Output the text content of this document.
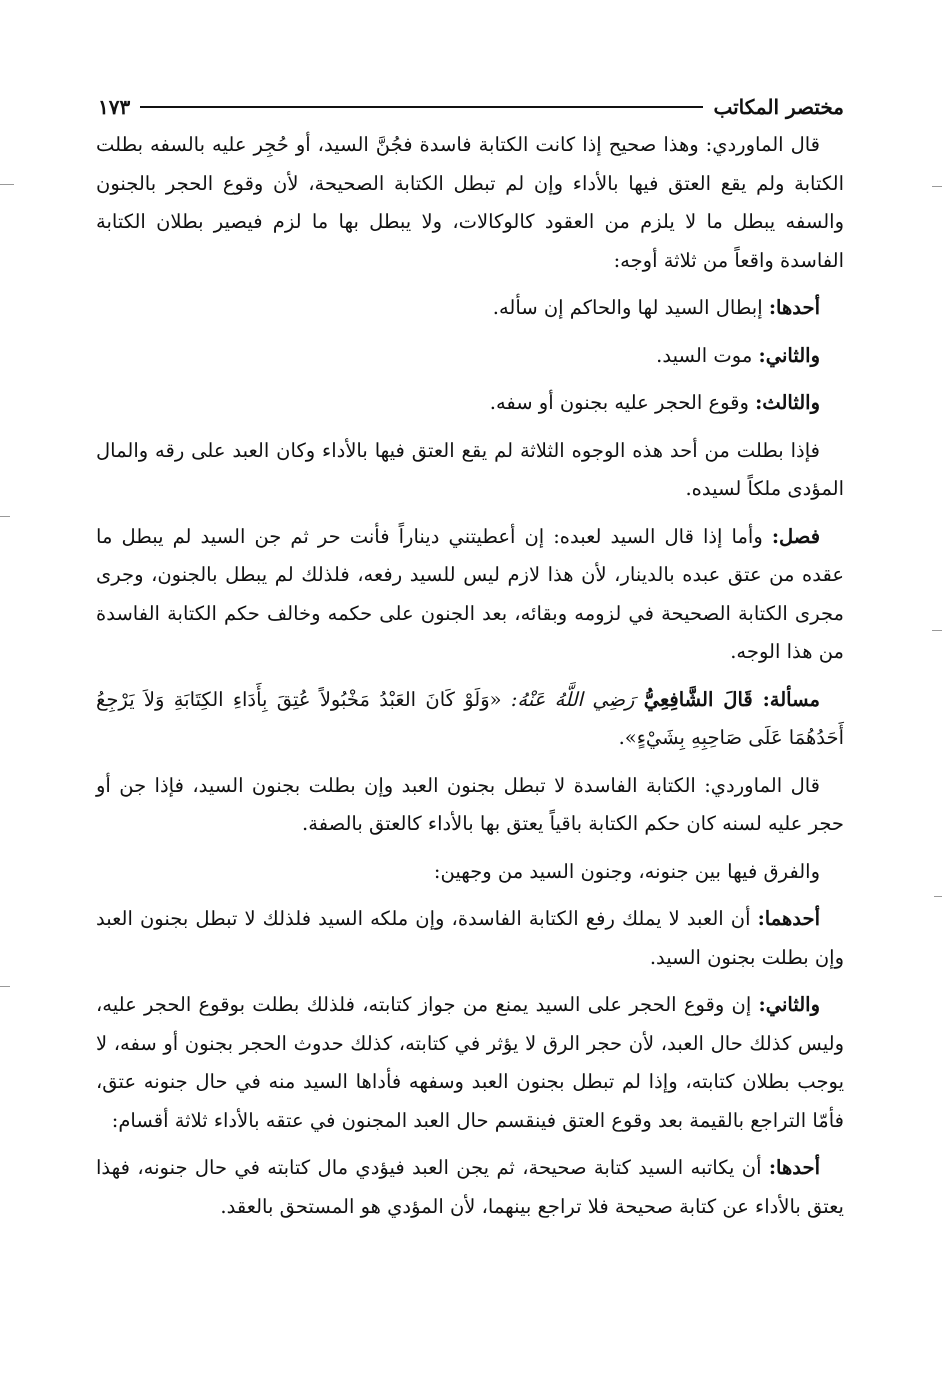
مختصر المكاتب
١٧٣

قال الماوردي: وهذا صحيح إذا كانت الكتابة فاسدة فجُنَّ السيد، أو حُجِر عليه بالسفه بطلت الكتابة ولم يقع العتق فيها بالأداء وإن لم تبطل الكتابة الصحيحة، لأن وقوع الحجر بالجنون والسفه يبطل ما لا يلزم من العقود كالوكالات، ولا يبطل بها ما لزم فيصير بطلان الكتابة الفاسدة واقعاً من ثلاثة أوجه:

أحدها: إبطال السيد لها والحاكم إن سأله.

والثاني: موت السيد.

والثالث: وقوع الحجر عليه بجنون أو سفه.

فإذا بطلت من أحد هذه الوجوه الثلاثة لم يقع العتق فيها بالأداء وكان العبد على رقه والمال المؤدى ملكاً لسيده.

فصل: وأما إذا قال السيد لعبده: إن أعطيتني ديناراً فأنت حر ثم جن السيد لم يبطل ما عقده من عتق عبده بالدينار، لأن هذا لازم ليس للسيد رفعه، فلذلك لم يبطل بالجنون، وجرى مجرى الكتابة الصحيحة في لزومه وبقائه، بعد الجنون على حكمه وخالف حكم الكتابة الفاسدة من هذا الوجه.

مسألة: قَالَ الشَّافِعِيُّ رَضِي اللَّهُ عَنْهُ: «وَلَوْ كَانَ العَبْدُ مَخْبُولاً عُتِقَ بِأَدَاءِ الكِتَابَةِ وَلاَ يَرْجِعُ أَحَدُهُمَا عَلَى صَاحِبِهِ بِشَيْءٍ».

قال الماوردي: الكتابة الفاسدة لا تبطل بجنون العبد وإن بطلت بجنون السيد، فإذا جن أو حجر عليه لسنه كان حكم الكتابة باقياً يعتق بها بالأداء كالعتق بالصفة.

والفرق فيها بين جنونه، وجنون السيد من وجهين:

أحدهما: أن العبد لا يملك رفع الكتابة الفاسدة، وإن ملكه السيد فلذلك لا تبطل بجنون العبد وإن بطلت بجنون السيد.

والثاني: إن وقوع الحجر على السيد يمنع من جواز كتابته، فلذلك بطلت بوقوع الحجر عليه، وليس كذلك حال العبد، لأن حجر الرق لا يؤثر في كتابته، كذلك حدوث الحجر بجنون أو سفه، لا يوجب بطلان كتابته، وإذا لم تبطل بجنون العبد وسفهه فأداها السيد منه في حال جنونه عتق، فأمّا التراجع بالقيمة بعد وقوع العتق فينقسم حال العبد المجنون في عتقه بالأداء ثلاثة أقسام:

أحدها: أن يكاتبه السيد كتابة صحيحة، ثم يجن العبد فيؤدي مال كتابته في حال جنونه، فهذا يعتق بالأداء عن كتابة صحيحة فلا تراجع بينهما، لأن المؤدي هو المستحق بالعقد.
